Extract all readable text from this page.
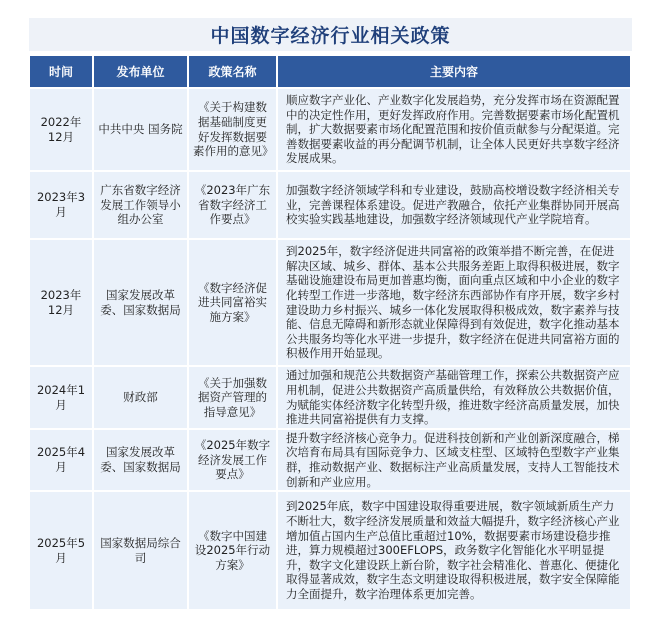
中国数字经济行业相关政策
时间	发布单位	政策名称	主要内容
2022年12月	中共中央 国务院	《关于构建数据基础制度更好发挥数据要素作用的意见》	顺应数字产业化、产业数字化发展趋势，充分发挥市场在资源配置中的决定性作用，更好发挥政府作用。完善数据要素市场化配置机制，扩大数据要素市场化配置范围和按价值贡献参与分配渠道。完善数据要素收益的再分配调节机制，让全体人民更好共享数字经济发展成果。
2023年3月	广东省数字经济发展工作领导小组办公室	《2023年广东省数字经济工作要点》	加强数字经济领域学科和专业建设，鼓励高校增设数字经济相关专业，完善课程体系建设。促进产教融合，依托产业集群协同开展高校实验实践基地建设，加强数字经济领域现代产业学院培育。
2023年12月	国家发展改革委、国家数据局	《数字经济促进共同富裕实施方案》	到2025年，数字经济促进共同富裕的政策举措不断完善，在促进解决区域、城乡、群体、基本公共服务差距上取得积极进展，数字基础设施建设布局更加普惠均衡，面向重点区域和中小企业的数字化转型工作进一步落地，数字经济东西部协作有序开展，数字乡村建设助力乡村振兴、城乡一体化发展取得积极成效，数字素养与技能、信息无障碍和新形态就业保障得到有效促进，数字化推动基本公共服务均等化水平进一步提升，数字经济在促进共同富裕方面的积极作用开始显现。
2024年1月	财政部	《关于加强数据资产管理的指导意见》	通过加强和规范公共数据资产基础管理工作，探索公共数据资产应用机制，促进公共数据资产高质量供给，有效释放公共数据价值，为赋能实体经济数字化转型升级，推进数字经济高质量发展，加快推进共同富裕提供有力支撑。
2025年4月	国家发展改革委、国家数据局	《2025年数字经济发展工作要点》	提升数字经济核心竞争力。促进科技创新和产业创新深度融合，梯次培育布局具有国际竞争力、区域支柱型、区域特色型数字产业集群，推动数据产业、数据标注产业高质量发展，支持人工智能技术创新和产业应用。
2025年5月	国家数据局综合司	《数字中国建设2025年行动方案》	到2025年底，数字中国建设取得重要进展，数字领域新质生产力不断壮大，数字经济发展质量和效益大幅提升，数字经济核心产业增加值占国内生产总值比重超过10%，数据要素市场建设稳步推进，算力规模超过300EFLOPS，政务数字化智能化水平明显提升，数字文化建设跃上新台阶，数字社会精准化、普惠化、便捷化取得显著成效，数字生态文明建设取得积极进展，数字安全保障能力全面提升，数字治理体系更加完善。
